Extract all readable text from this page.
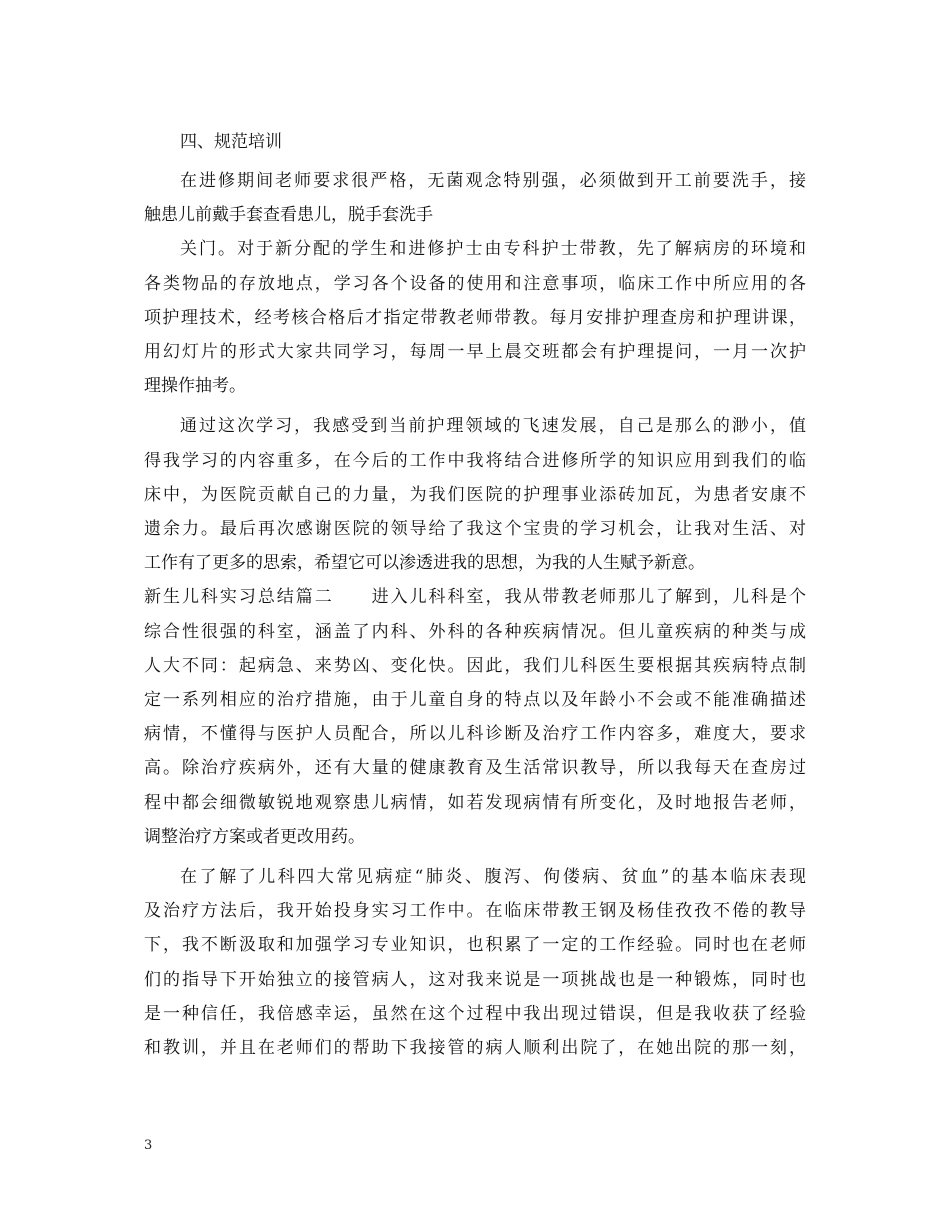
四、规范培训
在进修期间老师要求很严格，无菌观念特别强，必须做到开工前要洗手，接
触患儿前戴手套查看患儿，脱手套洗手
关门。对于新分配的学生和进修护士由专科护士带教，先了解病房的环境和
各类物品的存放地点，学习各个设备的使用和注意事项，临床工作中所应用的各
项护理技术，经考核合格后才指定带教老师带教。每月安排护理查房和护理讲课，
用幻灯片的形式大家共同学习，每周一早上晨交班都会有护理提问，一月一次护
理操作抽考。
通过这次学习，我感受到当前护理领域的飞速发展，自己是那么的渺小，值
得我学习的内容重多，在今后的工作中我将结合进修所学的知识应用到我们的临
床中，为医院贡献自己的力量，为我们医院的护理事业添砖加瓦，为患者安康不
遗余力。最后再次感谢医院的领导给了我这个宝贵的学习机会，让我对生活、对
工作有了更多的思索，希望它可以渗透进我的思想，为我的人生赋予新意。
新生儿科实习总结篇二　　进入儿科科室，我从带教老师那儿了解到，儿科是个
综合性很强的科室，涵盖了内科、外科的各种疾病情况。但儿童疾病的种类与成
人大不同：起病急、来势凶、变化快。因此，我们儿科医生要根据其疾病特点制
定一系列相应的治疗措施，由于儿童自身的特点以及年龄小不会或不能准确描述
病情，不懂得与医护人员配合，所以儿科诊断及治疗工作内容多，难度大，要求
高。除治疗疾病外，还有大量的健康教育及生活常识教导，所以我每天在查房过
程中都会细微敏锐地观察患儿病情，如若发现病情有所变化，及时地报告老师，
调整治疗方案或者更改用药。
在了解了儿科四大常见病症“肺炎、腹泻、佝偻病、贫血”的基本临床表现
及治疗方法后，我开始投身实习工作中。在临床带教王钢及杨佳孜孜不倦的教导
下，我不断汲取和加强学习专业知识，也积累了一定的工作经验。同时也在老师
们的指导下开始独立的接管病人，这对我来说是一项挑战也是一种锻炼，同时也
是一种信任，我倍感幸运，虽然在这个过程中我出现过错误，但是我收获了经验
和教训，并且在老师们的帮助下我接管的病人顺利出院了，在她出院的那一刻，
3
